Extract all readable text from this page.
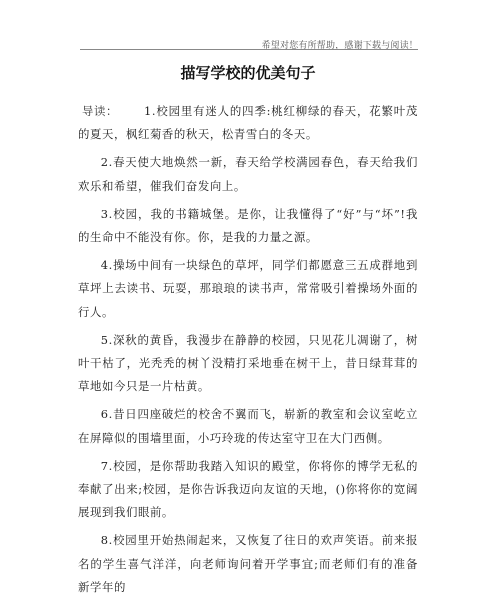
希望对您有所帮助，感谢下载与阅读！
描写学校的优美句子

导读： 1.校园里有迷人的四季:桃红柳绿的春天，花繁叶茂的夏天，枫红菊香的秋天，松青雪白的冬天。

2.春天使大地焕然一新，春天给学校满园春色，春天给我们欢乐和希望，催我们奋发向上。

3.校园，我的书籍城堡。是你，让我懂得了“好”与“坏”!我的生命中不能没有你。你，是我的力量之源。

4.操场中间有一块绿色的草坪，同学们都愿意三五成群地到草坪上去读书、玩耍，那琅琅的读书声，常常吸引着操场外面的行人。

5.深秋的黄昏，我漫步在静静的校园，只见花儿凋谢了，树叶干枯了，光秃秃的树丫没精打采地垂在树干上，昔日绿茸茸的草地如今只是一片枯黄。

6.昔日四座破烂的校舍不翼而飞，崭新的教室和会议室屹立在屏障似的围墙里面，小巧玲珑的传达室守卫在大门西侧。

7.校园，是你帮助我踏入知识的殿堂，你将你的博学无私的奉献了出来;校园，是你告诉我迈向友谊的天地，()你将你的宽阔展现到我们眼前。

8.校园里开始热闹起来，又恢复了往日的欢声笑语。前来报名的学生喜气洋洋，向老师询问着开学事宜;而老师们有的准备新学年的
